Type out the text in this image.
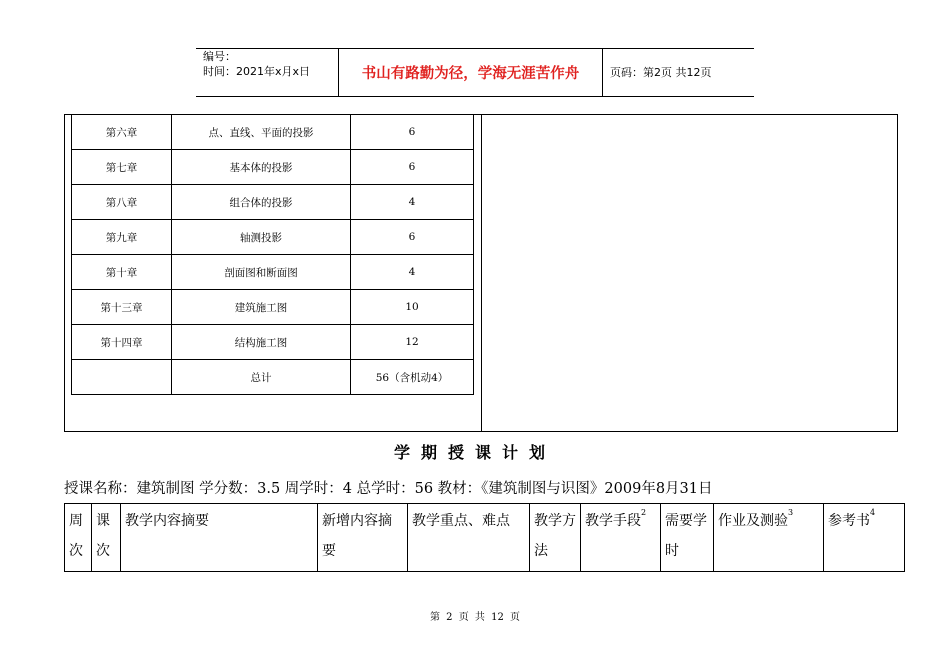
编号：
时间：2021年x月x日	书山有路勤为径，学海无涯苦作舟	页码：第2页 共12页
第六章	点、直线、平面的投影	6
第七章	基本体的投影	6
第八章	组合体的投影	4
第九章	轴测投影	6
第十章	剖面图和断面图	4
第十三章	建筑施工图	10
第十四章	结构施工图	12
	总计	56（含机动4）
学期授课计划
授课名称：建筑制图 学分数：3.5 周学时：4 总学时：56 教材：《建筑制图与识图》2009年8月31日
周次	课次	教学内容摘要	新增内容摘要	教学重点、难点	教学方法	教学手段$^2$	需要学时	作业及测验$^3$	参考书$^4$
第 2 页 共 12 页
